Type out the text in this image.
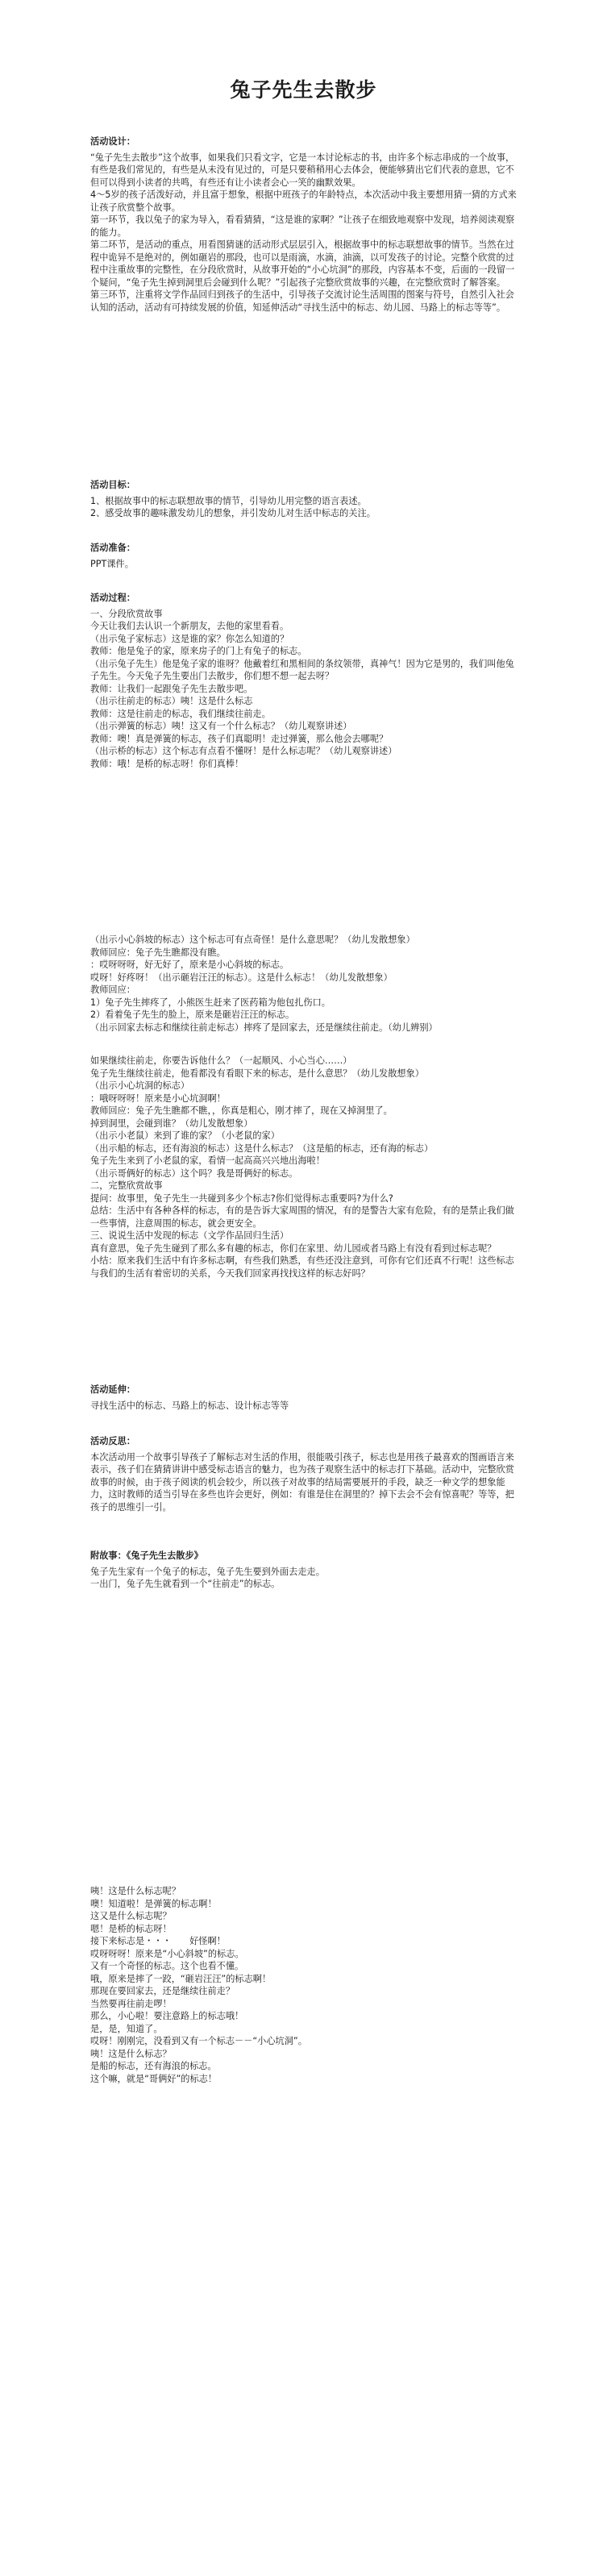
兔子先生去散步

活动设计：

“兔子先生去散步”这个故事，如果我们只看文字，它是一本讨论标志的书，由许多个标志串成的一个故事，有些是我们常见的，有些是从未没有见过的，可是只要稍稍用心去体会，便能够猜出它们代表的意思，它不但可以得到小读者的共鸣，有些还有让小读者会心一笑的幽默效果。

4～5岁的孩子活泼好动，并且富于想象，根据中班孩子的年龄特点，本次活动中我主要想用猜一猜的方式来让孩子欣赏整个故事。

第一环节，我以兔子的家为导入，看看猜猜，“这是谁的家啊？”让孩子在细致地观察中发现，培养阅读观察的能力。

第二环节，是活动的重点，用看图猜谜的活动形式层层引入，根据故事中的标志联想故事的情节。当然在过程中诡异不是绝对的，例如砸岩的那段，也可以是雨滴，水滴，油滴，以可发孩子的讨论。完整个欣赏的过程中注重故事的完整性，在分段欣赏时，从故事开始的“小心坑洞”的那段，内容基本不变，后面的一段留一个疑问，“兔子先生掉到洞里后会碰到什么呢？”引起孩子完整欣赏故事的兴趣，在完整欣赏时了解答案。

第三环节，注重将文学作品回归到孩子的生活中，引导孩子交流讨论生活周围的图案与符号，自然引入社会认知的活动，活动有可持续发展的价值，知延伸活动“寻找生活中的标志、幼儿园、马路上的标志等等”。

活动目标：

1、根据故事中的标志联想故事的情节，引导幼儿用完整的语言表述。

2、感受故事的趣味激发幼儿的想象，并引发幼儿对生活中标志的关注。

活动准备：

PPT课件。

活动过程：

一、分段欣赏故事

今天让我们去认识一个新朋友，去他的家里看看。

（出示兔子家标志）这是谁的家？你怎么知道的？

教师：他是兔子的家，原来房子的门上有兔子的标志。

（出示兔子先生）他是兔子家的谁呀？他戴着红和黑相间的条纹领带，真神气！因为它是男的，我们叫他兔子先生。今天兔子先生要出门去散步，你们想不想一起去呀？

教师：让我们一起跟兔子先生去散步吧。

（出示往前走的标志）咦！这是什么标志

教师：这是往前走的标志，我们继续往前走。

（出示弹簧的标志）咦！这又有一个什么标志？（幼儿观察讲述）

教师：噢！真是弹簧的标志，孩子们真聪明！走过弹簧，那么他会去哪呢？

（出示桥的标志）这个标志有点看不懂呀！是什么标志呢？（幼儿观察讲述）

教师：哦！是桥的标志呀！你们真棒！

（出示小心斜坡的标志）这个标志可有点奇怪！是什么意思呢？（幼儿发散想象）

教师回应：兔子先生瞧都没有瞧。

：哎呀呀呀，好无好了，原来是小心斜坡的标志。

哎呀！好疼呀！（出示砸岩汪汪的标志）。这是什么标志！（幼儿发散想象）

教师回应：

1）兔子先生摔疼了，小熊医生赶来了医药箱为他包扎伤口。

2）看着兔子先生的脸上，原来是砸岩汪汪的标志。

（出示回家去标志和继续往前走标志）摔疼了是回家去，还是继续往前走。（幼儿辨别）

如果继续往前走，你要告诉他什么？（一起顺风、小心当心……）

兔子先生继续往前走，他看都没有看眼下来的标志，是什么意思？（幼儿发散想象）

（出示小心坑洞的标志）

：哦呀呀呀！原来是小心坑洞啊！

教师回应：兔子先生瞧都不瞧，，你真是粗心，刚才摔了，现在又掉洞里了。

掉到洞里，会碰到谁？（幼儿发散想象）

（出示小老鼠）来到了谁的家？（小老鼠的家）

（出示船的标志，还有海浪的标志）这是什么标志？（这是船的标志，还有海的标志）

兔子先生来到了小老鼠的家，看情一起高高兴兴地出海啦！

（出示哥俩好的标志）这个吗？我是哥俩好的标志。

二，完整欣赏故事

提问：故事里，兔子先生一共碰到多少个标志?你们觉得标志重要吗?为什么?

总结：生活中有各种各样的标志，有的是告诉大家周围的情况，有的是警告大家有危险，有的是禁止我们做一些事情，注意周围的标志，就会更安全。

三、说说生活中发现的标志（文学作品回归生活）

真有意思，兔子先生碰到了那么多有趣的标志，你们在家里、幼儿园或者马路上有没有看到过标志呢？

小结：原来我们生活中有许多标志啊，有些我们熟悉，有些还没注意到，可你有它们还真不行呢！这些标志与我们的生活有着密切的关系，今天我们回家再找找这样的标志好吗？

活动延伸：

寻找生活中的标志、马路上的标志、设计标志等等

活动反思：

本次活动用一个故事引导孩子了解标志对生活的作用，很能吸引孩子，标志也是用孩子最喜欢的图画语言来表示，孩子们在猜猜讲讲中感受标志语言的魅力，也为孩子观察生活中的标志打下基础。活动中，完整欣赏故事的时候，由于孩子阅读的机会较少，所以孩子对故事的结局需要展开的手段，缺乏一种文学的想象能力，这时教师的适当引导在多些也许会更好，例如：有谁是住在洞里的？掉下去会不会有惊喜呢？等等，把孩子的思维引一引。

附故事：《兔子先生去散步》

兔子先生家有一个兔子的标志，兔子先生要到外面去走走。

一出门，兔子先生就看到一个“往前走”的标志。

咦！这是什么标志呢？

噢！知道啦！是弹簧的标志啊！

这又是什么标志呢？

嗯！是桥的标志呀！

接下来标志是・・・　　好怪啊！

哎呀呀呀！原来是“小心斜坡”的标志。

又有一个奇怪的标志。这个也看不懂。

哦，原来是摔了一跤，“砸岩汪汪”的标志啊！

那现在要回家去，还是继续往前走？

当然要再往前走啰！

那么，小心啦！要注意路上的标志哦！

是，是，知道了。

哎呀！刚刚完，没看到又有一个标志－－“小心坑洞”。

咦！这是什么标志？

是船的标志，还有海浪的标志。

这个嘛，就是“哥俩好”的标志！
